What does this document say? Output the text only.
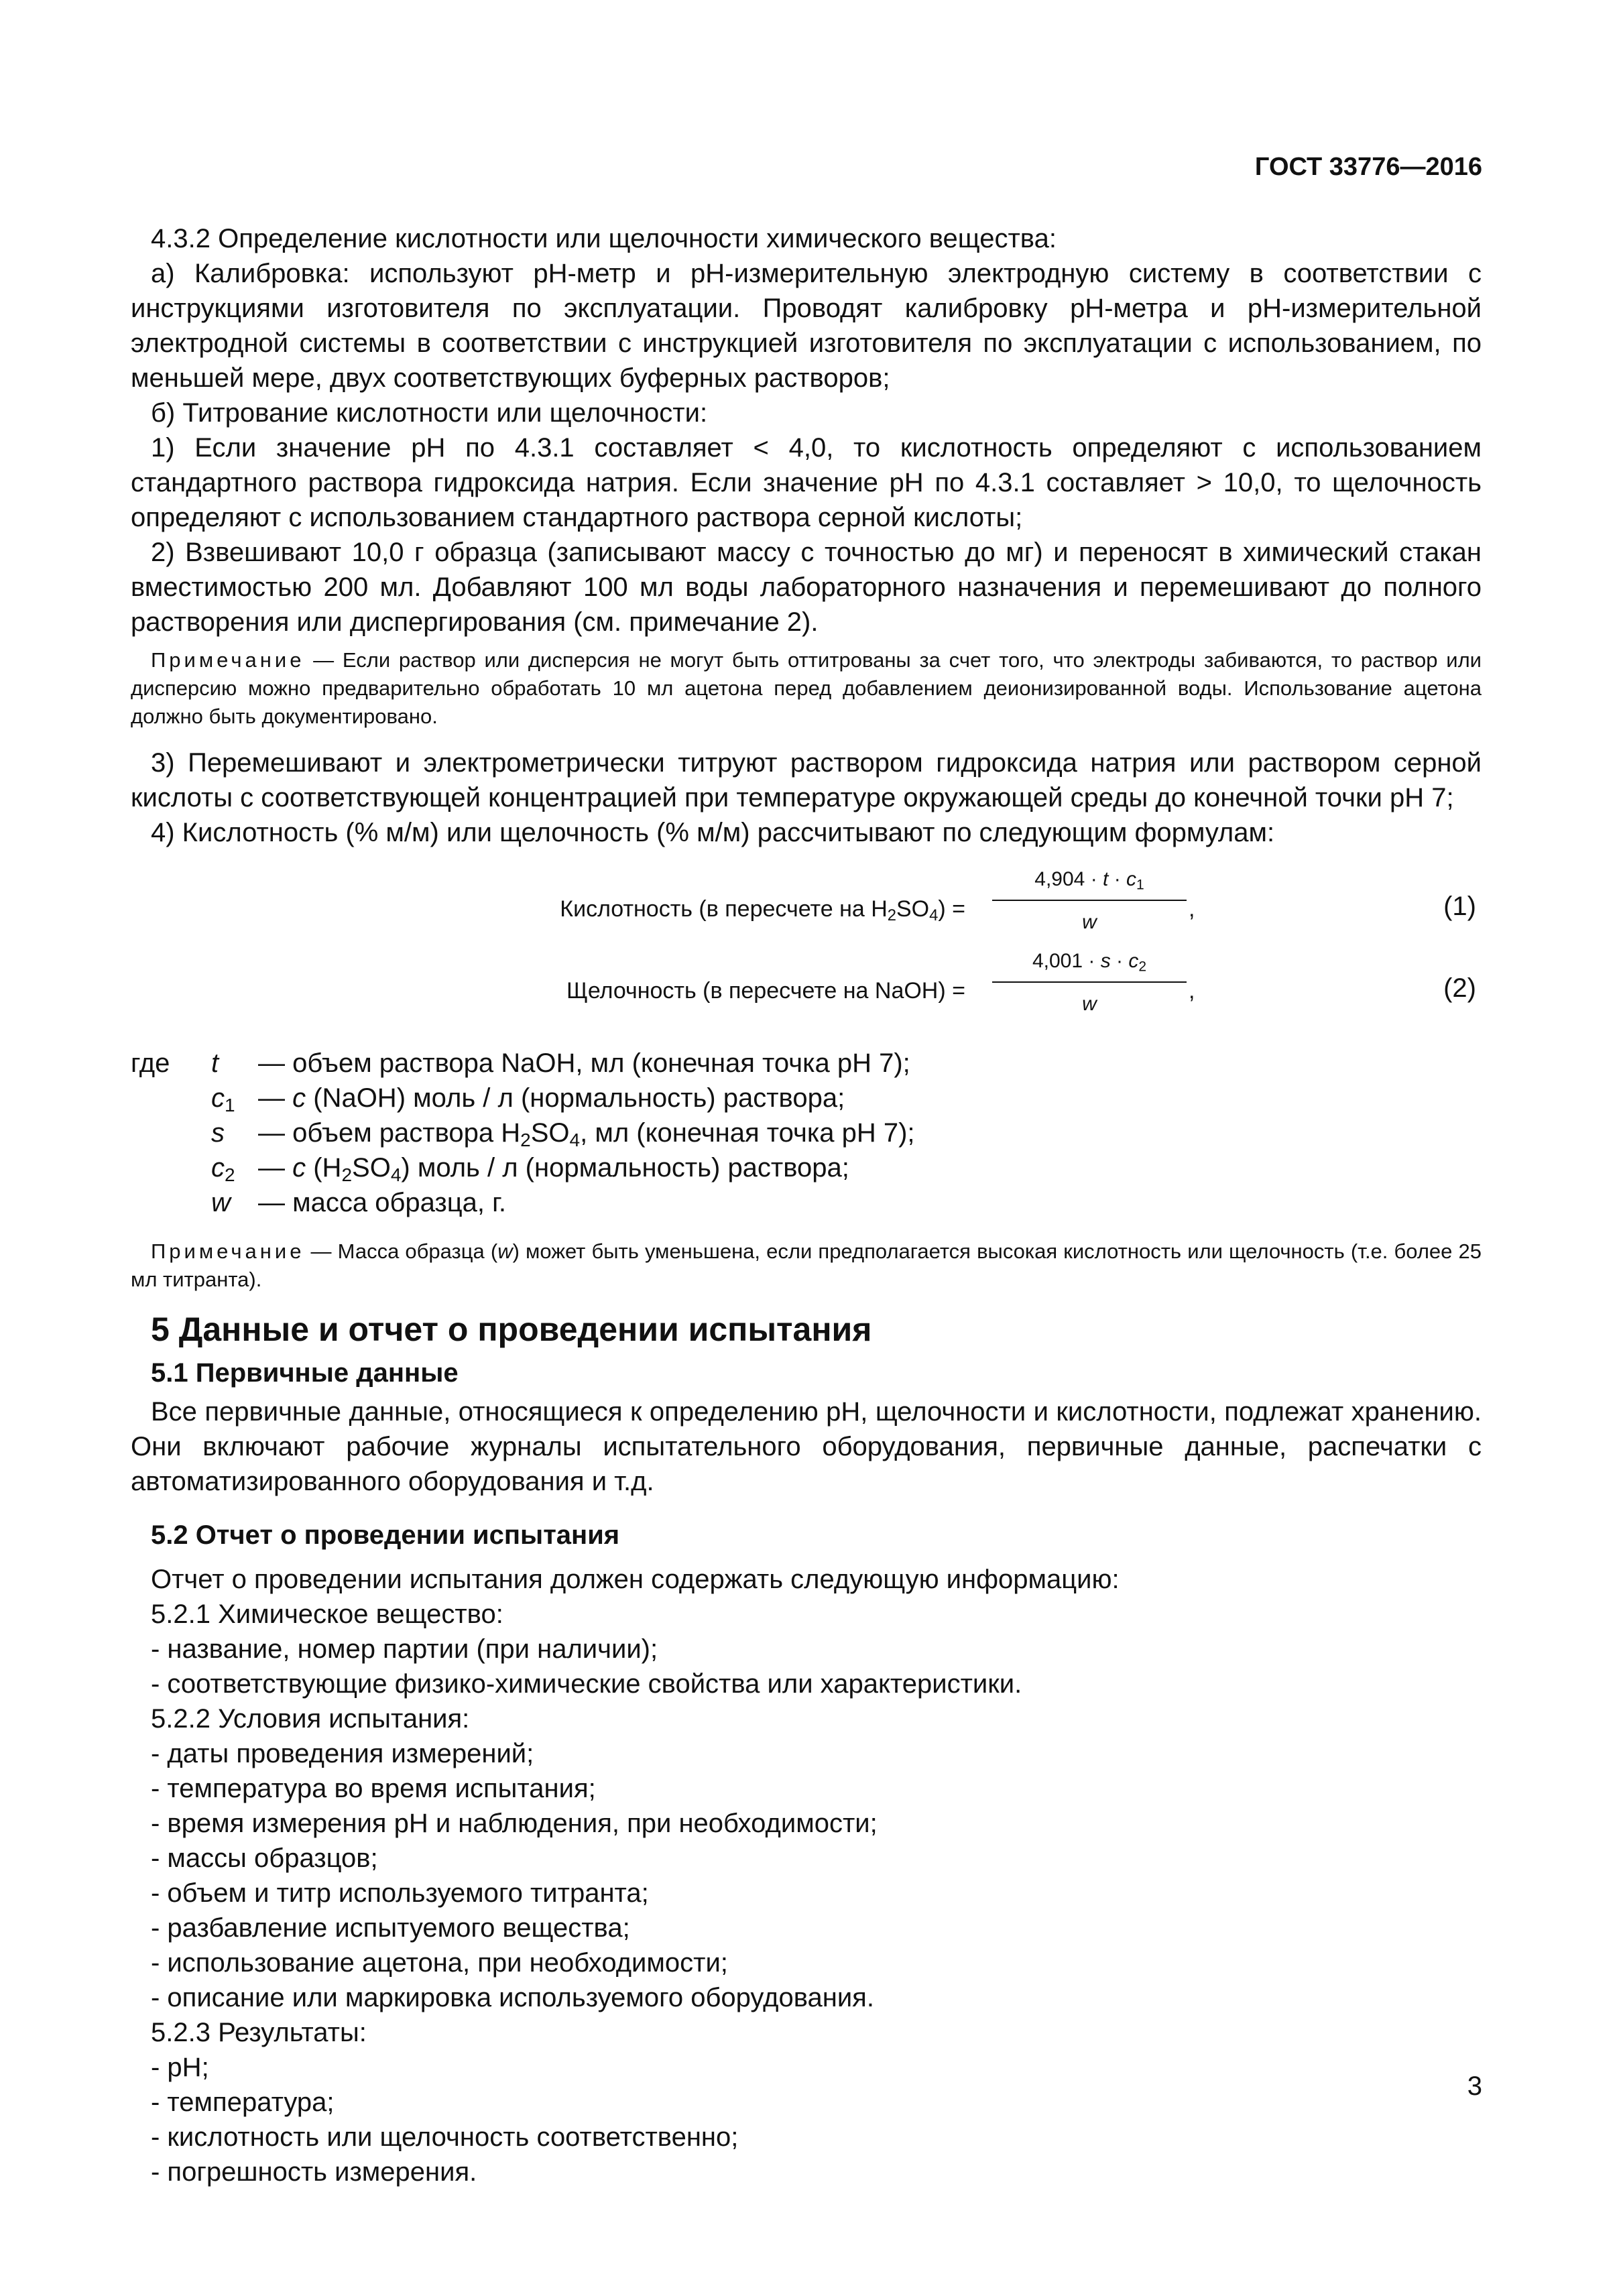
ГОСТ 33776—2016

4.3.2 Определение кислотности или щелочности химического вещества:

а) Калибровка: используют рН-метр и рН-измерительную электродную систему в соответствии с инструкциями изготовителя по эксплуатации. Проводят калибровку рН-метра и рН-измерительной электродной системы в соответствии с инструкцией изготовителя по эксплуатации с использованием, по меньшей мере, двух соответствующих буферных растворов;

б) Титрование кислотности или щелочности:

1) Если значение рН по 4.3.1 составляет < 4,0, то кислотность определяют с использованием стандартного раствора гидроксида натрия. Если значение рН по 4.3.1 составляет > 10,0, то щелочность определяют с использованием стандартного раствора серной кислоты;

2) Взвешивают 10,0 г образца (записывают массу с точностью до мг) и переносят в химический стакан вместимостью 200 мл. Добавляют 100 мл воды лабораторного назначения и перемешивают до полного растворения или диспергирования (см. примечание 2).

Примечание — Если раствор или дисперсия не могут быть оттитрованы за счет того, что электроды забиваются, то раствор или дисперсию можно предварительно обработать 10 мл ацетона перед добавлением деионизированной воды. Использование ацетона должно быть документировано.

3) Перемешивают и электрометрически титруют раствором гидроксида натрия или раствором серной кислоты с соответствующей концентрацией при температуре окружающей среды до конечной точки рН 7;

4) Кислотность (% м/м) или щелочность (% м/м) рассчитывают по следующим формулам:

Кислотность (в пересчете на $H_2SO_4) = \frac{4,904 \cdot t \cdot c_1}{w}$ ,	(1)
Щелочность (в пересчете на NaOH) = $\frac{4,001 \cdot s \cdot c_2}{w}$ ,	(2)
где	t	— объем раствора NaOH, мл (конечная точка рН 7);
$c_1$ — c (NaOH) моль / л (нормальность) раствора;
s	— объем раствора $H_2SO_4$, мл (конечная точка рН 7);
$c_2$ — c $(H_2SO_4)$ моль / л (нормальность) раствора;
w	— масса образца, г.

Примечание — Масса образца (w) может быть уменьшена, если предполагается высокая кислотность или щелочность (т.е. более 25 мл титранта).

5 Данные и отчет о проведении испытания
5.1 Первичные данные

Все первичные данные, относящиеся к определению рН, щелочности и кислотности, подлежат хранению. Они включают рабочие журналы испытательного оборудования, первичные данные, распечатки с автоматизированного оборудования и т.д.

5.2 Отчет о проведении испытания

Отчет о проведении испытания должен содержать следующую информацию:

5.2.1 Химическое вещество:

- название, номер партии (при наличии);

- соответствующие физико-химические свойства или характеристики.

5.2.2 Условия испытания:

- даты проведения измерений;

- температура во время испытания;

- время измерения рН и наблюдения, при необходимости;

- массы образцов;

- объем и титр используемого титранта;

- разбавление испытуемого вещества;

- использование ацетона, при необходимости;

- описание или маркировка используемого оборудования.

5.2.3 Результаты:

- рН;

- температура;

- кислотность или щелочность соответственно;

- погрешность измерения.

3
